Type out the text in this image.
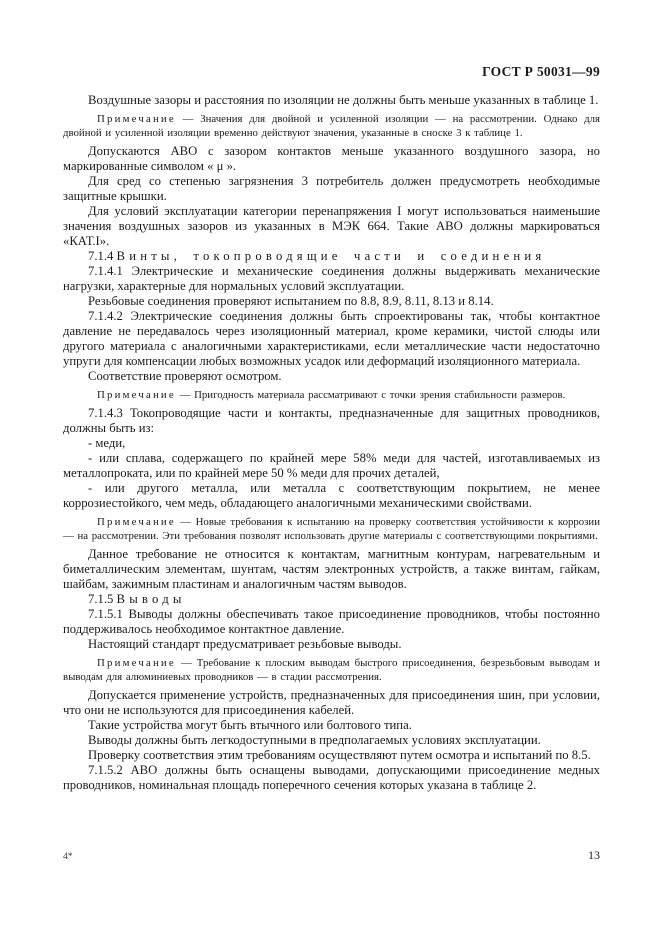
ГОСТ Р 50031—99

Воздушные зазоры и расстояния по изоляции не должны быть меньше указанных в таблице 1.

Примечание — Значения для двойной и усиленной изоляции — на рассмотрении. Однако для двойной и усиленной изоляции временно действуют значения, указанные в сноске 3 к таблице 1.

Допускаются АВО с зазором контактов меньше указанного воздушного зазора, но маркированные символом « μ ».

Для сред со степенью загрязнения 3 потребитель должен предусмотреть необходимые защитные крышки.

Для условий эксплуатации категории перенапряжения I могут использоваться наименьшие значения воздушных зазоров из указанных в МЭК 664. Такие АВО должны маркироваться «КАТ.I».

7.1.4 Винты, токопроводящие части и соединения

7.1.4.1 Электрические и механические соединения должны выдерживать механические нагрузки, характерные для нормальных условий эксплуатации.

Резьбовые соединения проверяют испытанием по 8.8, 8.9, 8.11, 8.13 и 8.14.

7.1.4.2 Электрические соединения должны быть спроектированы так, чтобы контактное давление не передавалось через изоляционный материал, кроме керамики, чистой слюды или другого материала с аналогичными характеристиками, если металлические части недостаточно упруги для компенсации любых возможных усадок или деформаций изоляционного материала.

Соответствие проверяют осмотром.

Примечание — Пригодность материала рассматривают с точки зрения стабильности размеров.

7.1.4.3 Токопроводящие части и контакты, предназначенные для защитных проводников, должны быть из:

- меди,

- или сплава, содержащего по крайней мере 58% меди для частей, изготавливаемых из металлопроката, или по крайней мере 50 % меди для прочих деталей,

- или другого металла, или металла с соответствующим покрытием, не менее коррозиестойкого, чем медь, обладающего аналогичными механическими свойствами.

Примечание — Новые требования к испытанию на проверку соответствия устойчивости к коррозии — на рассмотрении. Эти требования позволят использовать другие материалы с соответствующими покрытиями.

Данное требование не относится к контактам, магнитным контурам, нагревательным и биметаллическим элементам, шунтам, частям электронных устройств, а также винтам, гайкам, шайбам, зажимным пластинам и аналогичным частям выводов.

7.1.5 Выводы

7.1.5.1 Выводы должны обеспечивать такое присоединение проводников, чтобы постоянно поддерживалось необходимое контактное давление.

Настоящий стандарт предусматривает резьбовые выводы.

Примечание — Требование к плоским выводам быстрого присоединения, безрезьбовым выводам и выводам для алюминиевых проводников — в стадии рассмотрения.

Допускается применение устройств, предназначенных для присоединения шин, при условии, что они не используются для присоединения кабелей.

Такие устройства могут быть втычного или болтового типа.

Выводы должны быть легкодоступными в предполагаемых условиях эксплуатации.

Проверку соответствия этим требованиям осуществляют путем осмотра и испытаний по 8.5.

7.1.5.2 АВО должны быть оснащены выводами, допускающими присоединение медных проводников, номинальная площадь поперечного сечения которых указана в таблице 2.

4*	13
